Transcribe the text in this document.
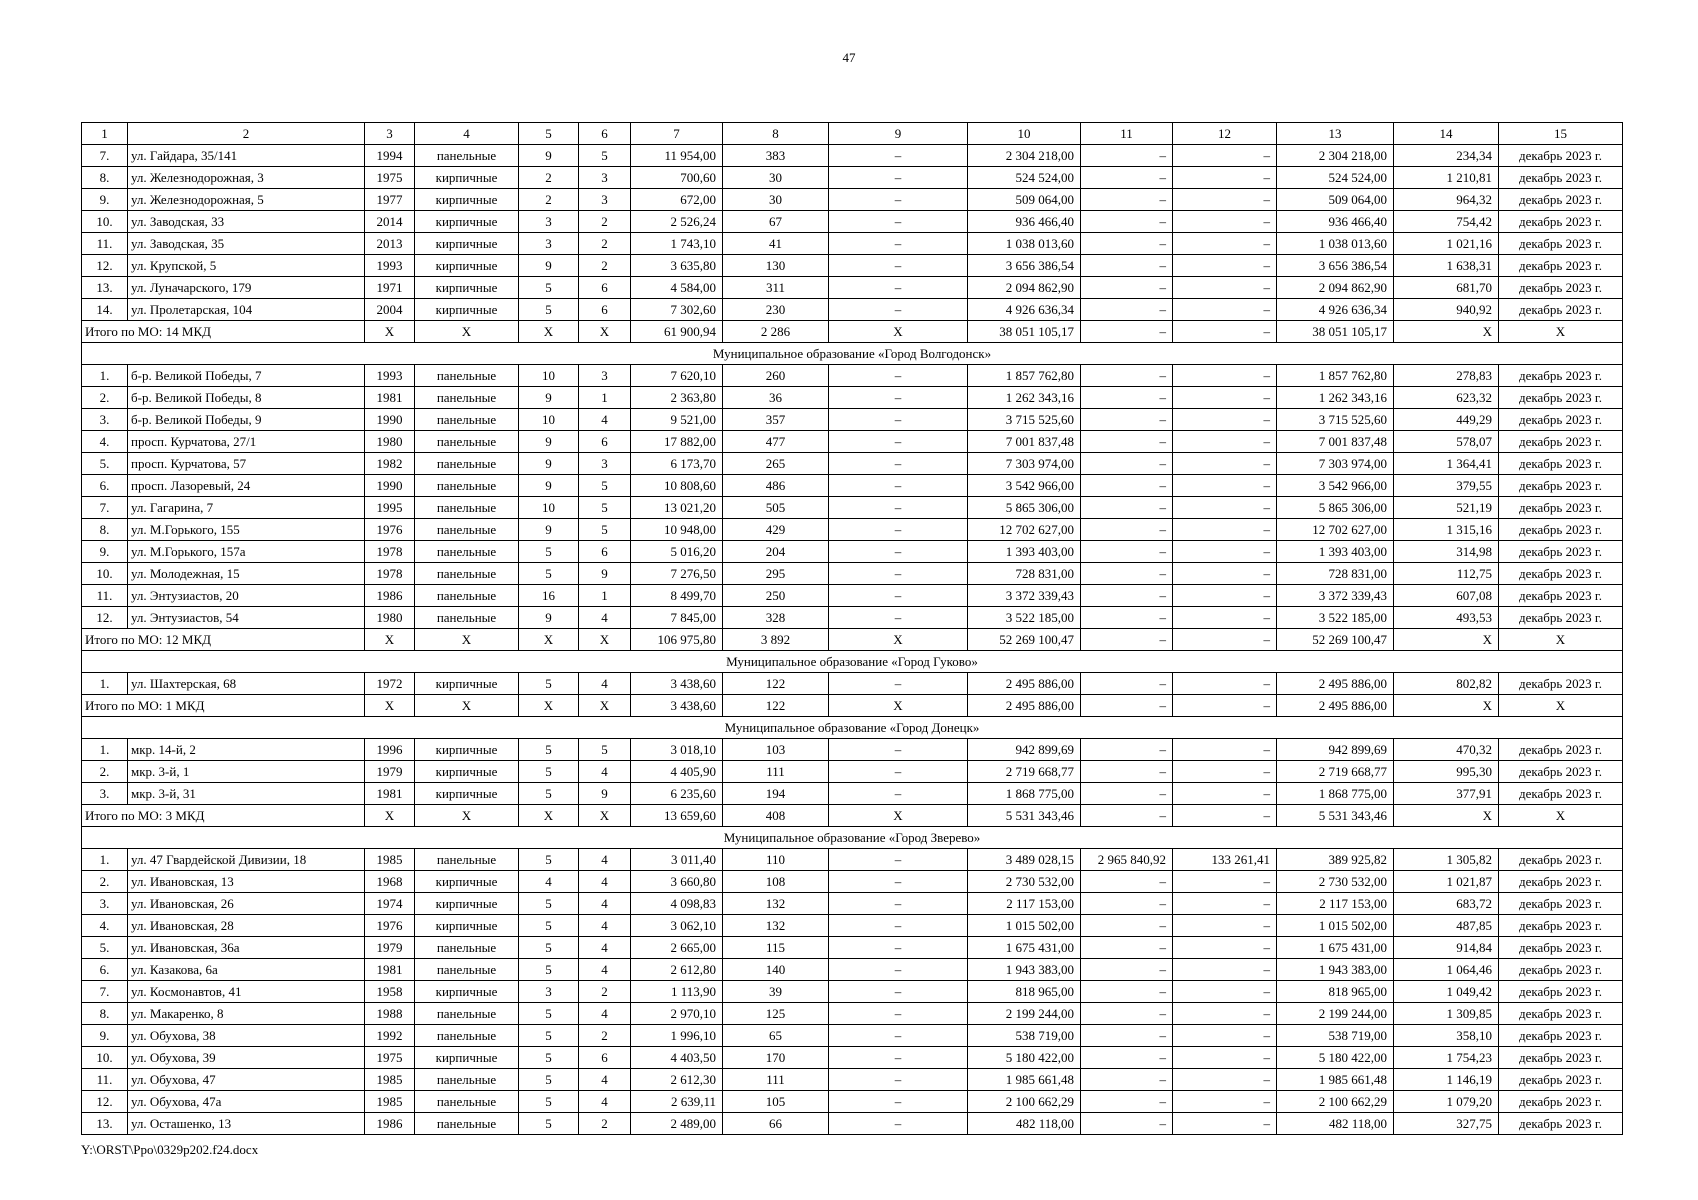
47
1	2	3	4	5	6	7	8	9	10	11	12	13	14	15
7.	ул. Гайдара, 35/141	1994	панельные	9	5	11 954,00	383	–	2 304 218,00	–	–	2 304 218,00	234,34	декабрь 2023 г.
8.	ул. Железнодорожная, 3	1975	кирпичные	2	3	700,60	30	–	524 524,00	–	–	524 524,00	1 210,81	декабрь 2023 г.
9.	ул. Железнодорожная, 5	1977	кирпичные	2	3	672,00	30	–	509 064,00	–	–	509 064,00	964,32	декабрь 2023 г.
10.	ул. Заводская, 33	2014	кирпичные	3	2	2 526,24	67	–	936 466,40	–	–	936 466,40	754,42	декабрь 2023 г.
11.	ул. Заводская, 35	2013	кирпичные	3	2	1 743,10	41	–	1 038 013,60	–	–	1 038 013,60	1 021,16	декабрь 2023 г.
12.	ул. Крупской, 5	1993	кирпичные	9	2	3 635,80	130	–	3 656 386,54	–	–	3 656 386,54	1 638,31	декабрь 2023 г.
13.	ул. Луначарского, 179	1971	кирпичные	5	6	4 584,00	311	–	2 094 862,90	–	–	2 094 862,90	681,70	декабрь 2023 г.
14.	ул. Пролетарская, 104	2004	кирпичные	5	6	7 302,60	230	–	4 926 636,34	–	–	4 926 636,34	940,92	декабрь 2023 г.
Итого по МО: 14 МКД		X	X	X	X	61 900,94	2 286	X	38 051 105,17	–	–	38 051 105,17	X	X
Муниципальное образование «Город Волгодонск»														
1.	б-р. Великой Победы, 7	1993	панельные	10	3	7 620,10	260	–	1 857 762,80	–	–	1 857 762,80	278,83	декабрь 2023 г.
2.	б-р. Великой Победы, 8	1981	панельные	9	1	2 363,80	36	–	1 262 343,16	–	–	1 262 343,16	623,32	декабрь 2023 г.
3.	б-р. Великой Победы, 9	1990	панельные	10	4	9 521,00	357	–	3 715 525,60	–	–	3 715 525,60	449,29	декабрь 2023 г.
4.	просп. Курчатова, 27/1	1980	панельные	9	6	17 882,00	477	–	7 001 837,48	–	–	7 001 837,48	578,07	декабрь 2023 г.
5.	просп. Курчатова, 57	1982	панельные	9	3	6 173,70	265	–	7 303 974,00	–	–	7 303 974,00	1 364,41	декабрь 2023 г.
6.	просп. Лазоревый, 24	1990	панельные	9	5	10 808,60	486	–	3 542 966,00	–	–	3 542 966,00	379,55	декабрь 2023 г.
7.	ул. Гагарина, 7	1995	панельные	10	5	13 021,20	505	–	5 865 306,00	–	–	5 865 306,00	521,19	декабрь 2023 г.
8.	ул. М.Горького, 155	1976	панельные	9	5	10 948,00	429	–	12 702 627,00	–	–	12 702 627,00	1 315,16	декабрь 2023 г.
9.	ул. М.Горького, 157а	1978	панельные	5	6	5 016,20	204	–	1 393 403,00	–	–	1 393 403,00	314,98	декабрь 2023 г.
10.	ул. Молодежная, 15	1978	панельные	5	9	7 276,50	295	–	728 831,00	–	–	728 831,00	112,75	декабрь 2023 г.
11.	ул. Энтузиастов, 20	1986	панельные	16	1	8 499,70	250	–	3 372 339,43	–	–	3 372 339,43	607,08	декабрь 2023 г.
12.	ул. Энтузиастов, 54	1980	панельные	9	4	7 845,00	328	–	3 522 185,00	–	–	3 522 185,00	493,53	декабрь 2023 г.
Итого по МО: 12 МКД		X	X	X	X	106 975,80	3 892	X	52 269 100,47	–	–	52 269 100,47	X	X
Муниципальное образование «Город Гуково»														
1.	ул. Шахтерская, 68	1972	кирпичные	5	4	3 438,60	122	–	2 495 886,00	–	–	2 495 886,00	802,82	декабрь 2023 г.
Итого по МО: 1 МКД		X	X	X	X	3 438,60	122	X	2 495 886,00	–	–	2 495 886,00	X	X
Муниципальное образование «Город Донецк»														
1.	мкр. 14-й, 2	1996	кирпичные	5	5	3 018,10	103	–	942 899,69	–	–	942 899,69	470,32	декабрь 2023 г.
2.	мкр. 3-й, 1	1979	кирпичные	5	4	4 405,90	111	–	2 719 668,77	–	–	2 719 668,77	995,30	декабрь 2023 г.
3.	мкр. 3-й, 31	1981	кирпичные	5	9	6 235,60	194	–	1 868 775,00	–	–	1 868 775,00	377,91	декабрь 2023 г.
Итого по МО: 3 МКД		X	X	X	X	13 659,60	408	X	5 531 343,46	–	–	5 531 343,46	X	X
Муниципальное образование «Город Зверево»														
1.	ул. 47 Гвардейской Дивизии, 18	1985	панельные	5	4	3 011,40	110	–	3 489 028,15	2 965 840,92	133 261,41	389 925,82	1 305,82	декабрь 2023 г.
2.	ул. Ивановская, 13	1968	кирпичные	4	4	3 660,80	108	–	2 730 532,00	–	–	2 730 532,00	1 021,87	декабрь 2023 г.
3.	ул. Ивановская, 26	1974	кирпичные	5	4	4 098,83	132	–	2 117 153,00	–	–	2 117 153,00	683,72	декабрь 2023 г.
4.	ул. Ивановская, 28	1976	кирпичные	5	4	3 062,10	132	–	1 015 502,00	–	–	1 015 502,00	487,85	декабрь 2023 г.
5.	ул. Ивановская, 36а	1979	панельные	5	4	2 665,00	115	–	1 675 431,00	–	–	1 675 431,00	914,84	декабрь 2023 г.
6.	ул. Казакова, 6а	1981	панельные	5	4	2 612,80	140	–	1 943 383,00	–	–	1 943 383,00	1 064,46	декабрь 2023 г.
7.	ул. Космонавтов, 41	1958	кирпичные	3	2	1 113,90	39	–	818 965,00	–	–	818 965,00	1 049,42	декабрь 2023 г.
8.	ул. Макаренко, 8	1988	панельные	5	4	2 970,10	125	–	2 199 244,00	–	–	2 199 244,00	1 309,85	декабрь 2023 г.
9.	ул. Обухова, 38	1992	панельные	5	2	1 996,10	65	–	538 719,00	–	–	538 719,00	358,10	декабрь 2023 г.
10.	ул. Обухова, 39	1975	кирпичные	5	6	4 403,50	170	–	5 180 422,00	–	–	5 180 422,00	1 754,23	декабрь 2023 г.
11.	ул. Обухова, 47	1985	панельные	5	4	2 612,30	111	–	1 985 661,48	–	–	1 985 661,48	1 146,19	декабрь 2023 г.
12.	ул. Обухова, 47а	1985	панельные	5	4	2 639,11	105	–	2 100 662,29	–	–	2 100 662,29	1 079,20	декабрь 2023 г.
13.	ул. Осташенко, 13	1986	панельные	5	2	2 489,00	66	–	482 118,00	–	–	482 118,00	327,75	декабрь 2023 г.
Y:\ORST\Ppo\0329p202.f24.docx
